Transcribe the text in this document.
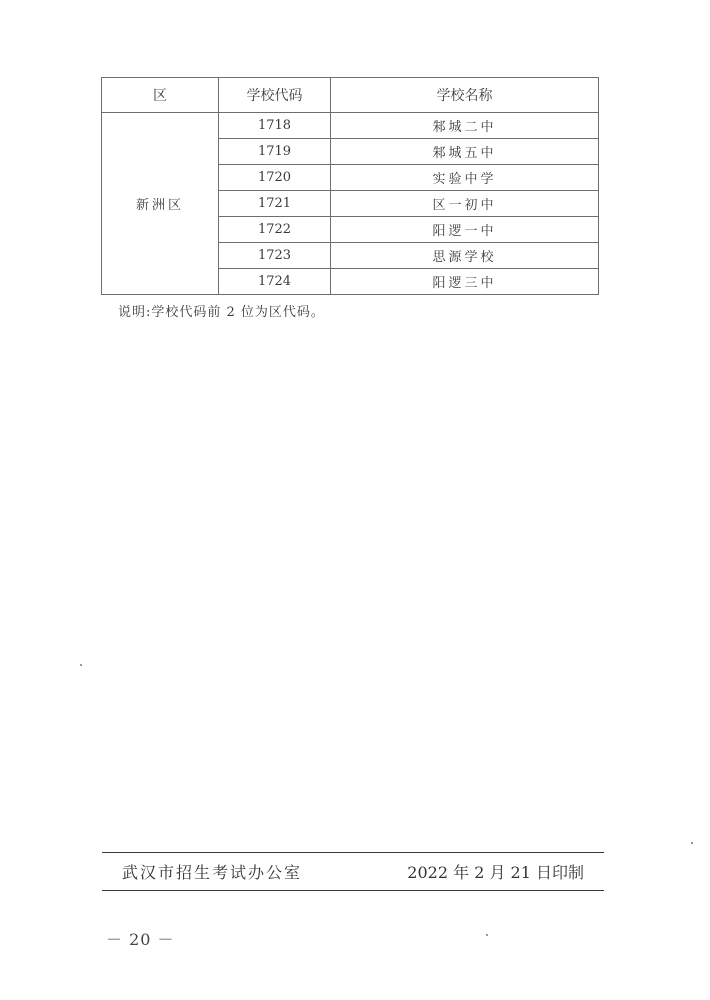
区	学校代码	学校名称
新洲区	1718	邾城二中
	1719	邾城五中
	1720	实验中学
	1721	区一初中
	1722	阳逻一中
	1723	思源学校
	1724	阳逻三中
说明:学校代码前 2 位为区代码。
武汉市招生考试办公室	2022 年 2 月 21 日印制
－ 20 －
